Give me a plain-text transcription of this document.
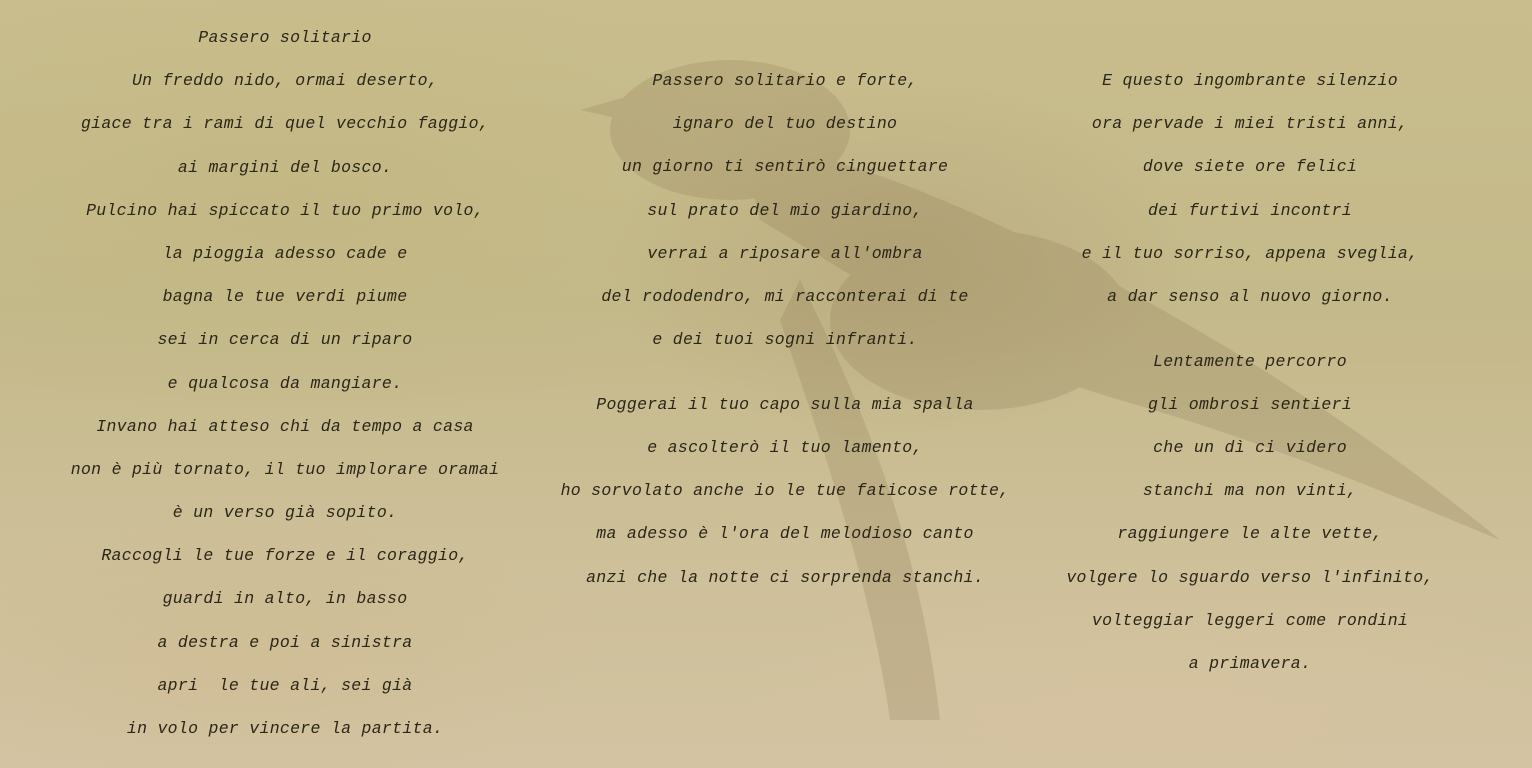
Passero solitario
Un freddo nido, ormai deserto,
giace tra i rami di quel vecchio faggio,
ai margini del bosco.
Pulcino hai spiccato il tuo primo volo,
la pioggia adesso cade e
bagna le tue verdi piume
sei in cerca di un riparo
e qualcosa da mangiare.
Invano hai atteso chi da tempo a casa
non è più tornato, il tuo implorare oramai
è un verso già sopito.
Raccogli le tue forze e il coraggio,
guardi in alto, in basso
a destra e poi a sinistra
apri  le tue ali, sei già
in volo per vincere la partita.
Passero solitario e forte,
ignaro del tuo destino
un giorno ti sentirò cinguettare
sul prato del mio giardino,
verrai a riposare all'ombra
del rododendro, mi racconterai di te
e dei tuoi sogni infranti.
Poggerai il tuo capo sulla mia spalla
e ascolterò il tuo lamento,
ho sorvolato anche io le tue faticose rotte,
ma adesso è l'ora del melodioso canto
anzi che la notte ci sorprenda stanchi.
E questo ingombrante silenzio
ora pervade i miei tristi anni,
dove siete ore felici
dei furtivi incontri
e il tuo sorriso, appena sveglia,
a dar senso al nuovo giorno.
Lentamente percorro
gli ombrosi sentieri
che un dì ci videro
stanchi ma non vinti,
raggiungere le alte vette,
volgere lo sguardo verso l'infinito,
volteggiar leggeri come rondini
a primavera.
